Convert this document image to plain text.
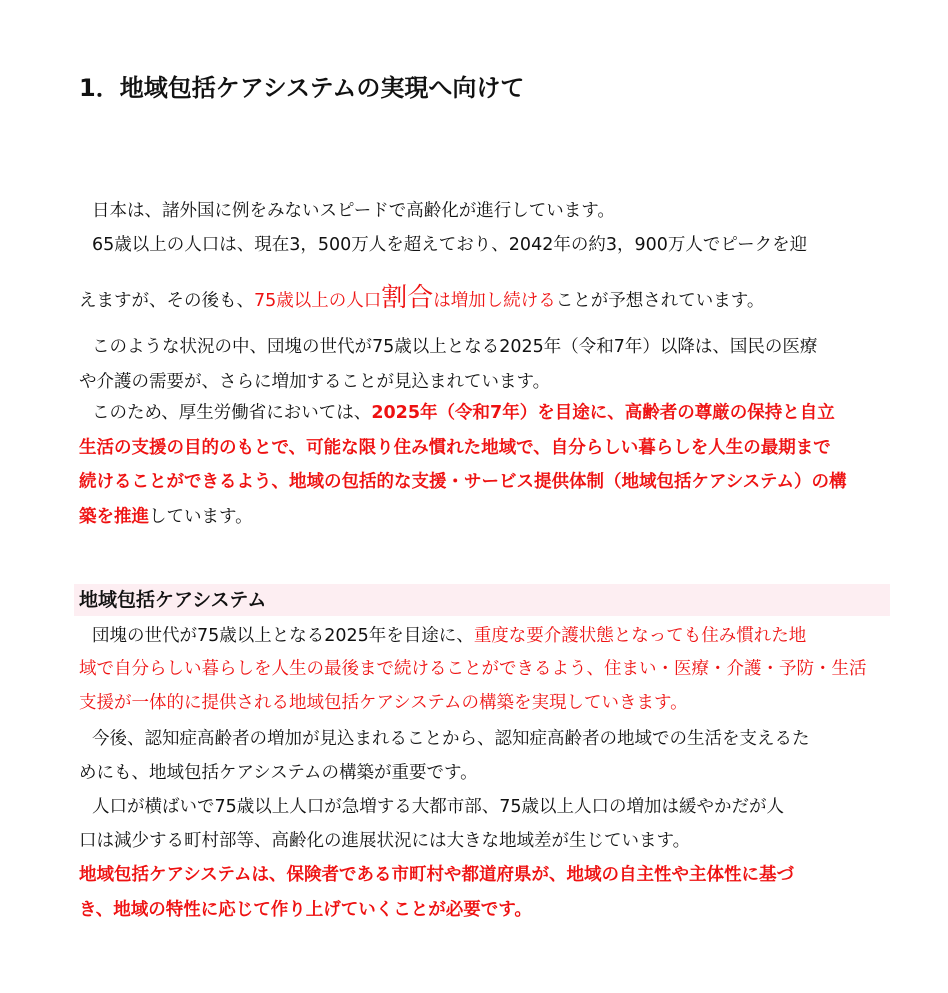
1．地域包括ケアシステムの実現へ向けて
日本は、諸外国に例をみないスピードで高齢化が進行しています。
65歳以上の人口は、現在3，500万人を超えており、2042年の約3，900万人でピークを迎
えますが、その後も、75歳以上の人口割合は増加し続けることが予想されています。
このような状況の中、団塊の世代が75歳以上となる2025年（令和7年）以降は、国民の医療
や介護の需要が、さらに増加することが見込まれています。
このため、厚生労働省においては、2025年（令和7年）を目途に、高齢者の尊厳の保持と自立
生活の支援の目的のもとで、可能な限り住み慣れた地域で、自分らしい暮らしを人生の最期まで
続けることができるよう、地域の包括的な支援・サービス提供体制（地域包括ケアシステム）の構
築を推進しています。
地域包括ケアシステム
団塊の世代が75歳以上となる2025年を目途に、重度な要介護状態となっても住み慣れた地
域で自分らしい暮らしを人生の最後まで続けることができるよう、住まい・医療・介護・予防・生活
支援が一体的に提供される地域包括ケアシステムの構築を実現していきます。
今後、認知症高齢者の増加が見込まれることから、認知症高齢者の地域での生活を支えるた
めにも、地域包括ケアシステムの構築が重要です。
人口が横ばいで75歳以上人口が急増する大都市部、75歳以上人口の増加は緩やかだが人
口は減少する町村部等、高齢化の進展状況には大きな地域差が生じています。
地域包括ケアシステムは、保険者である市町村や都道府県が、地域の自主性や主体性に基づ
き、地域の特性に応じて作り上げていくことが必要です。
